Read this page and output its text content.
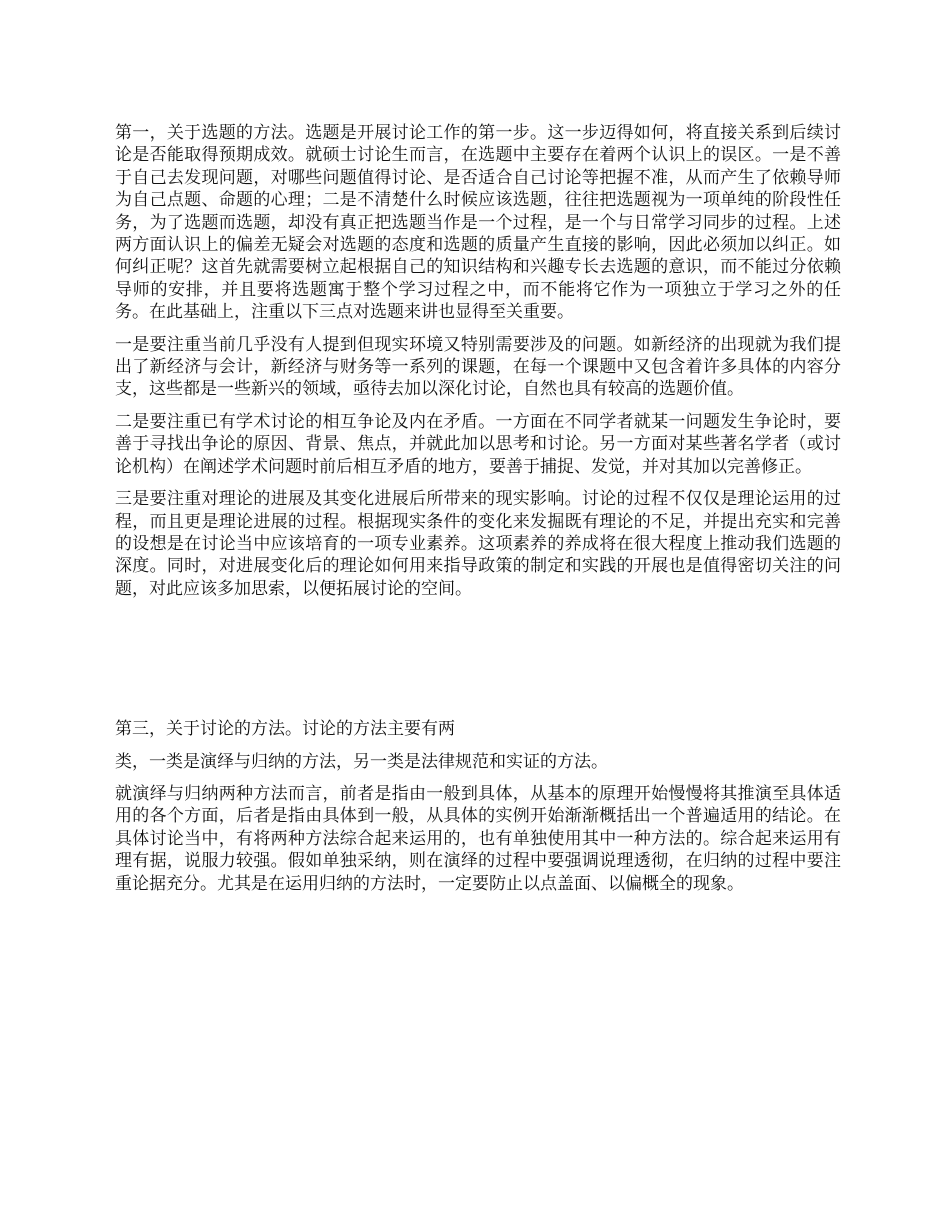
第一，关于选题的方法。选题是开展讨论工作的第一步。这一步迈得如何，将直接关系到后续讨论是否能取得预期成效。就硕士讨论生而言，在选题中主要存在着两个认识上的误区。一是不善于自己去发现问题，对哪些问题值得讨论、是否适合自己讨论等把握不准，从而产生了依赖导师为自己点题、命题的心理；二是不清楚什么时候应该选题，往往把选题视为一项单纯的阶段性任务，为了选题而选题，却没有真正把选题当作是一个过程，是一个与日常学习同步的过程。上述两方面认识上的偏差无疑会对选题的态度和选题的质量产生直接的影响，因此必须加以纠正。如何纠正呢？这首先就需要树立起根据自己的知识结构和兴趣专长去选题的意识，而不能过分依赖导师的安排，并且要将选题寓于整个学习过程之中，而不能将它作为一项独立于学习之外的任务。在此基础上，注重以下三点对选题来讲也显得至关重要。

一是要注重当前几乎没有人提到但现实环境又特别需要涉及的问题。如新经济的出现就为我们提出了新经济与会计，新经济与财务等一系列的课题，在每一个课题中又包含着许多具体的内容分支，这些都是一些新兴的领域，亟待去加以深化讨论，自然也具有较高的选题价值。

二是要注重已有学术讨论的相互争论及内在矛盾。一方面在不同学者就某一问题发生争论时，要善于寻找出争论的原因、背景、焦点，并就此加以思考和讨论。另一方面对某些著名学者（或讨论机构）在阐述学术问题时前后相互矛盾的地方，要善于捕捉、发觉，并对其加以完善修正。

三是要注重对理论的进展及其变化进展后所带来的现实影响。讨论的过程不仅仅是理论运用的过程，而且更是理论进展的过程。根据现实条件的变化来发掘既有理论的不足，并提出充实和完善的设想是在讨论当中应该培育的一项专业素养。这项素养的养成将在很大程度上推动我们选题的深度。同时，对进展变化后的理论如何用来指导政策的制定和实践的开展也是值得密切关注的问题，对此应该多加思索，以便拓展讨论的空间。

第三，关于讨论的方法。讨论的方法主要有两

类，一类是演绎与归纳的方法，另一类是法律规范和实证的方法。

就演绎与归纳两种方法而言，前者是指由一般到具体，从基本的原理开始慢慢将其推演至具体适用的各个方面，后者是指由具体到一般，从具体的实例开始渐渐概括出一个普遍适用的结论。在具体讨论当中，有将两种方法综合起来运用的，也有单独使用其中一种方法的。综合起来运用有理有据，说服力较强。假如单独采纳，则在演绎的过程中要强调说理透彻，在归纳的过程中要注重论据充分。尤其是在运用归纳的方法时，一定要防止以点盖面、以偏概全的现象。
